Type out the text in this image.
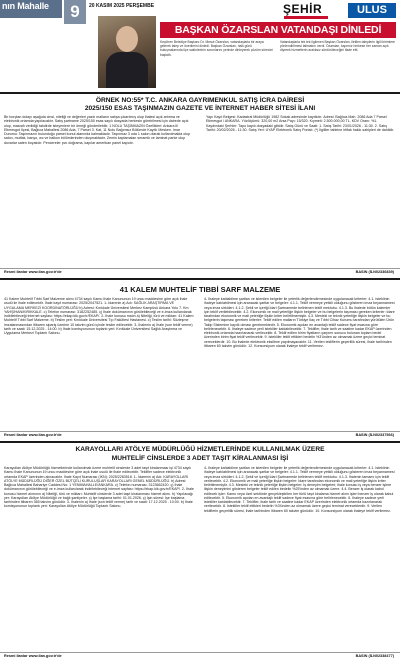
nın Mahalle	9	20 KASIM 2025 PERŞEMBE	ŞEHİR	ULUS
BAŞKAN ÖZARSLAN VATANDAŞI DİNLEDİ
Keçiören Belediye Başkanı Dr. Mesut Özarslan, vatandaşlarla bir araya gelerek talep ve önerilerini dinledi. Başkan Özarslan, halk günü buluşmalarında ilçe sakinlerinin sorunlarını yerinde dinleyerek çözüm sürecini başlattı.
Vatandaşlarla tek tek ilgilenen Başkan Özarslan, iletilen taleplerin ilgili birimlere yönlendirilmesi talimatını verdi. Özarslan, kapımız herkese her zaman açık diyerek hizmetlerin aralıksız sürdürüleceğini ifade etti.
ÖRNEK NO:55* T.C. ANKARA GAYRIMENKUL SATIŞ İCRA DAİRESİ
2025/150 ESAS TAŞINMAZIN GAZETE VE İNTERNET HABER SİTESİ İLANI
Bir borçtan dolayı aşağıda cinsi, niteliği ve değerleri yazılı malların satışa çıkarılmış olup ihalesi açık artırma ve elektronik ortamda yapılacaktır. Satış şartname 2025/150 esas sayılı dosyada herkesin görebilmesi için dairede açık olup, masrafı verildiği takdirde isteyenlere bir örneği gönderilebilir. 1 NOLU TAŞINMAZIN Özellikleri: Ankara İli Etimesgut İlçesi, Bağlıca Mahallesi 2086 Ada, 7 Parsel 3. Kat, 11 Nolu Bağımsız Bölümde Kayıtlı Mesken. Imar Durumu: Taşınmazın bulunduğu parsel konut alanında kalmaktadır. Taşınmaz 3 oda 1 salon olarak kullanılmakta olup salon, mutfak, banyo, wc ve balkon bölümlerinden oluşmaktadır. Zemin kaplamaları seramik ve laminat parke olup duvarlar saten boyalıdır. Pencereler pvc doğrama, kapılar amerikan panel kapıdır.
Yapı Kayıt Belgesi: Kadastral Müdürlüğü 1982 Sokak adresinde kayıtlıdır. Adresi: Bağlıca Mah. 2086 Ada 7 Parsel Etimesgut / ANKARA. Yüzölçümü: 320,00 m2 Arsa Payı: 15/320. Kıymeti: 2.500.000,00 TL. KDV Oranı: %1. Kaydındaki Şerhler: Tapu kaydı dosyadaki gibidir. Satış Günü ve Saati: 1. Satış Tarihi: 23/01/2026 - 11:30. 2. Satış Tarihi: 20/02/2026 - 11:30. Satış Yeri: UYAP Elektronik Satış Portalı. (*) İlgililer tabirine irtifak hakkı sahipleri de dahildir.
Resmi ilanlar www.ilan.gov.tr'de	BASIN (İLN02336839)
41 KALEM MUHTELİF TIBBİ SARF MALZEME
41 Kalem Muhtelif Tıbbi Sarf Malzeme alımı 4734 sayılı Kamu İhale Kanununun 19 uncu maddesine göre açık ihale usulü ile ihale edilecektir. İhale kayıt numarası: 2025/2047521. 1- İdarenin a) Adı: SAĞLIK ARAŞTIRMA VE UYGULAMA MERKEZİ KOORDİNATÖRLÜĞÜ b) Adresi: Kırıkkale Üniversitesi Merkez Kampüsü Ankara Yolu 7. Km YAHŞİHAN/KIRIKKALE. c) Telefon numarası: 3182252485. ç) İhale dokümanının görülebileceği ve e-imza kullanılarak indirilebileceği internet sayfası: https://ekap.kik.gov.tr/EKAP/. 2- İhale konusu malın a) Niteliği, türü ve miktarı: 41 Kalem Muhtelif Tıbbi Sarf Malzeme. b) Teslim yeri: Kırıkkale Üniversitesi Tıp Fakültesi Hastanesi. c) Teslim tarihi: Sözleşme imzalanmasından itibaren sipariş üzerine 10 takvim günü içinde teslim edilecektir. 3- İhalenin a) İhale (son teklif verme) tarih ve saati: 15.12.2025 - 14:00. b) İhale komisyonunun toplantı yeri: Kırıkkale Üniversitesi Sağlık Araştırma ve Uygulama Merkezi Toplantı Salonu.
4- İhaleye katılabilme şartları ve istenilen belgeler ile yeterlik değerlendirmesinde uygulanacak kriterler: 4.1. İsteklinin ihaleye katılabilmesi için aranacak şartlar ve belgeler: 4.1.1. Teklif vermeye yetkili olduğunu gösteren imza beyannamesi veya imza sirküleri. 4.1.2. Şekli ve içeriği İdari Şartnamede belirlenen teklif mektubu. 4.1.3. Bu ihalede bütün kalemler için teklif verilebilecektir. 4.2. Ekonomik ve mali yeterliğe ilişkin belgeler ve bu belgelerin taşıması gereken kriterler: İdare tarafından ekonomik ve mali yeterliğe ilişkin kriter belirtilmemiştir. 4.3. Mesleki ve teknik yeterliğe ilişkin belgeler ve bu belgelerin taşıması gereken kriterler: Teklif edilen malların Türkiye İlaç ve Tıbbi Cihaz Kurumu tarafından yürütülen Ürün Takip Sistemine kayıtlı olması gerekmektedir. 5. Ekonomik açıdan en avantajlı teklif sadece fiyat esasına göre belirlenecektir. 6. İhaleye sadece yerli istekliler katılabilecektir. 7. Teklifler, ihale tarih ve saatine kadar EKAP üzerinden elektronik ortamda hazırlanarak verilecektir. 8. Teklif edilen birim fiyatların çarpımı sonucu bulunan toplam bedel üzerinden birim fiyat teklif verilecektir. 9. İstekliler teklif ettikleri bedelin %3'ünden az olmamak üzere geçici teminat vereceklerdir. 10. Bu ihalede elektronik eksiltme yapılmayacaktır. 11. Verilen tekliflerin geçerlilik süresi, ihale tarihinden itibaren 60 takvim günüdür. 12. Konsorsiyum olarak ihaleye teklif verilemez.
Resmi ilanlar www.ilan.gov.tr'de	BASIN (İLN02337566)
KARAYOLLARI ATÖLYE MÜDÜRLÜĞÜ HİZMETLERİNDE KULLANILMAK ÜZERE
MUHTELİF CİNSLERDE 3 ADET TAŞIT KİRALANMASI İŞİ
Karayolları Atölye Müdürlüğü hizmetlerinde kullanılmak üzere muhtelif cinslerde 3 adet taşıt kiralanması işi 4734 sayılı Kamu İhale Kanununun 19 uncu maddesine göre açık ihale usulü ile ihale edilecektir. Teklifler sadece elektronik ortamda EKAP üzerinden alınacaktır. İhale Kayıt Numarası (İKN): 2025/2283518. 1- İdarenin a) Adı: KARAYOLLARI ATÖLYE MÜDÜRLÜĞÜ DİĞER ÖZEL BÜTÇELİ KURULUŞLAR KARAYOLLARI GENEL MÜDÜRLÜĞÜ. b) Adresi: Bağlıca Mahallesi Bahariye Caddesi No: 1 YENİMAHALLE/ANKARA. c) Telefon numarası: 3123662420. ç) İhale dokümanının görülebileceği ve e-imza kullanılarak indirilebileceği internet sayfası: https://ekap.kik.gov.tr/EKAP/. 2- İhale konusu hizmet alımının a) Niteliği, türü ve miktarı: Muhtelif cinslerde 3 adet taşıt kiralanması hizmet alımı. b) Yapılacağı yer: Karayolları Atölye Müdürlüğü ve bağlı şantiyeler. c) İşe başlama tarihi: 01.01.2026. ç) İşin süresi: İşe başlama tarihinden itibaren 365 takvim günüdür. 3- İhalenin a) İhale (son teklif verme) tarih ve saati: 17.12.2025 - 10:00. b) İhale komisyonunun toplantı yeri: Karayolları Atölye Müdürlüğü Toplantı Salonu.
4- İhaleye katılabilme şartları ve istenilen belgeler ile yeterlik değerlendirmesinde uygulanacak kriterler: 4.1. İsteklinin ihaleye katılabilmesi için aranacak şartlar ve belgeler: 4.1.1. Teklif vermeye yetkili olduğunu gösteren imza beyannamesi veya imza sirküleri. 4.1.2. Şekli ve içeriği İdari Şartnamede belirlenen teklif mektubu. 4.1.3. İhalenin tamamı için teklif verilecektir. 4.2. Ekonomik ve mali yeterliğe ilişkin belgeler: İdare tarafından ekonomik ve mali yeterliğe ilişkin kriter belirtilmemiştir. 4.3. Mesleki ve teknik yeterliğe ilişkin belgeler: İş deneyim belgeleri; ihale konusu iş veya benzer işlere ilişkin deneyimini gösteren belgeler teklif edilen bedelin %25'inden az olmamak üzere. 4.4. Benzer iş olarak kabul edilecek işler: Kamu veya özel sektörde gerçekleştirilen her türlü taşıt kiralama hizmet alımı işleri benzer iş olarak kabul edilecektir. 5. Ekonomik açıdan en avantajlı teklif sadece fiyat esasına göre belirlenecektir. 6. İhaleye sadece yerli istekliler katılabilecektir. 7. Teklifler, ihale tarih ve saatine kadar EKAP üzerinden elektronik ortamda hazırlanarak verilecektir. 8. İstekliler teklif ettikleri bedelin %3'ünden az olmamak üzere geçici teminat vereceklerdir. 9. Verilen tekliflerin geçerlilik süresi, ihale tarihinden itibaren 60 takvim günüdür. 10. Konsorsiyum olarak ihaleye teklif verilemez.
Resmi ilanlar www.ilan.gov.tr'de	BASIN (İLN02338477)
